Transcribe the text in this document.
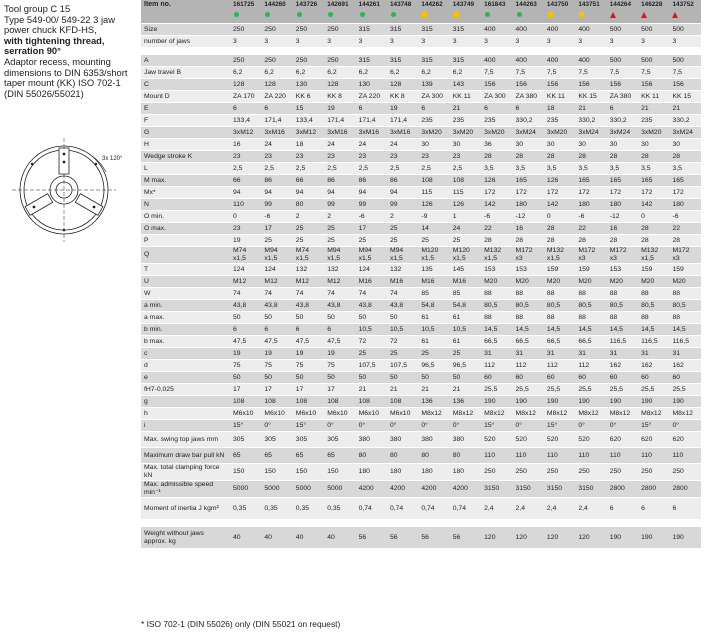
Tool group C 15
Type 549-00/ 549-22 3 jaw
power chuck KFD-HS,
with tightening thread,
serration 90°
Adaptor recess, mounting
dimensions to DIN 6353/short
taper mount (KK) ISO 702-1
(DIN 55026/55021)
3x 120°
Item no.	161725	144260	143726	142691	144261	143748	144262	143749	161843	144263	143750	143751	144264	146228	143752

Size	250	250	250	250	315	315	315	315	400	400	400	400	500	500	500
number of jaws	3	3	3	3	3	3	3	3	3	3	3	3	3	3	3

A	250	250	250	250	315	315	315	315	400	400	400	400	500	500	500
Jaw travel B	6,2	6,2	6,2	6,2	6,2	6,2	6,2	6,2	7,5	7,5	7,5	7,5	7,5	7,5	7,5
C	128	128	130	128	130	128	139	143	156	156	156	156	156	156	156
Mount D	ZA 170	ZA 220	KK 6	KK 8	ZA 220	KK 8	ZA 300	KK 11	ZA 300	ZA 380	KK 11	KK 15	ZA 380	KK 11	KK 15
E	6	6	15	19	6	19	6	21	6	6	18	21	6	21	21
F	133,4	171,4	133,4	171,4	171,4	171,4	235	235	235	330,2	235	330,2	330,2	235	330,2
G	3xM12	3xM16	3xM12	3xM16	3xM16	3xM16	3xM20	3xM20	3xM20	3xM24	3xM20	3xM24	3xM24	3xM20	3xM24
H	16	24	18	24	24	24	30	30	36	30	30	30	30	30	30
Wedge stroke K	23	23	23	23	23	23	23	23	28	28	28	28	28	28	28
L	2,5	2,5	2,5	2,5	2,5	2,5	2,5	2,5	3,5	3,5	3,5	3,5	3,5	3,5	3,5
M max.	66	86	66	86	86	86	108	108	126	165	126	165	165	165	165
Mx*	94	94	94	94	94	94	115	115	172	172	172	172	172	172	172
N	110	99	80	99	99	99	126	126	142	180	142	180	180	142	180
O min.	0	-6	2	2	-6	2	-9	1	-6	-12	0	-6	-12	0	-6
O max.	23	17	25	25	17	25	14	24	22	16	28	22	16	28	22
P	19	25	25	25	25	25	25	25	28	28	28	28	28	28	28
Q	M74 x1,5	M94 x1,5	M74 x1,5	M94 x1,5	M94 x1,5	M94 x1,5	M120 x1,5	M120 x1,5	M132 x1,5	M172 x3	M132 x1,5	M172 x3	M172 x3	M132 x1,5	M172 x3
T	124	124	132	132	124	132	135	145	153	153	159	159	153	159	159
U	M12	M12	M12	M12	M16	M16	M16	M16	M20	M20	M20	M20	M20	M20	M20
W	74	74	74	74	74	74	85	85	88	88	88	88	88	88	88
a min.	43,8	43,8	43,8	43,8	43,8	43,8	54,8	54,8	80,5	80,5	80,5	80,5	80,5	80,5	80,5
a max.	50	50	50	50	50	50	61	61	88	88	88	88	88	88	88
b min.	6	6	6	6	10,5	10,5	10,5	10,5	14,5	14,5	14,5	14,5	14,5	14,5	14,5
b max.	47,5	47,5	47,5	47,5	72	72	61	61	66,5	66,5	66,5	66,5	116,5	116,5	116,5
c	19	19	19	19	25	25	25	25	31	31	31	31	31	31	31
d	75	75	75	75	107,5	107,5	96,5	96,5	112	112	112	112	162	162	162
e	50	50	50	50	50	50	50	50	60	60	60	60	60	60	60
fH7-0,025	17	17	17	17	21	21	21	21	25,5	25,5	25,5	25,5	25,5	25,5	25,5
g	108	108	108	108	108	108	136	136	190	190	190	190	190	190	190
h	M6x10	M6x10	M6x10	M6x10	M6x10	M6x10	M8x12	M8x12	M8x12	M8x12	M8x12	M8x12	M8x12	M8x12	M8x12
i	15°	0°	15°	0°	0°	0°	0°	0°	15°	0°	15°	0°	0°	15°	0°
Max. swing top jaws mm	305	305	305	305	380	380	380	380	520	520	520	520	620	620	620
Maximum draw bar pull kN	65	65	65	65	80	80	80	80	110	110	110	110	110	110	110
Max. total clamping force kN	150	150	150	150	180	180	180	180	250	250	250	250	250	250	250
Max. admissible speed min⁻¹	5000	5000	5000	5000	4200	4200	4200	4200	3150	3150	3150	3150	2800	2800	2800
Moment of inertia J kgm²	0,35	0,35	0,35	0,35	0,74	0,74	0,74	0,74	2,4	2,4	2,4	2,4	6	6	6

Weight without jaws approx. kg	40	40	40	40	56	56	56	56	120	120	120	120	190	190	190
* ISO 702-1 (DIN 55026) only (DIN 55021 on request)
